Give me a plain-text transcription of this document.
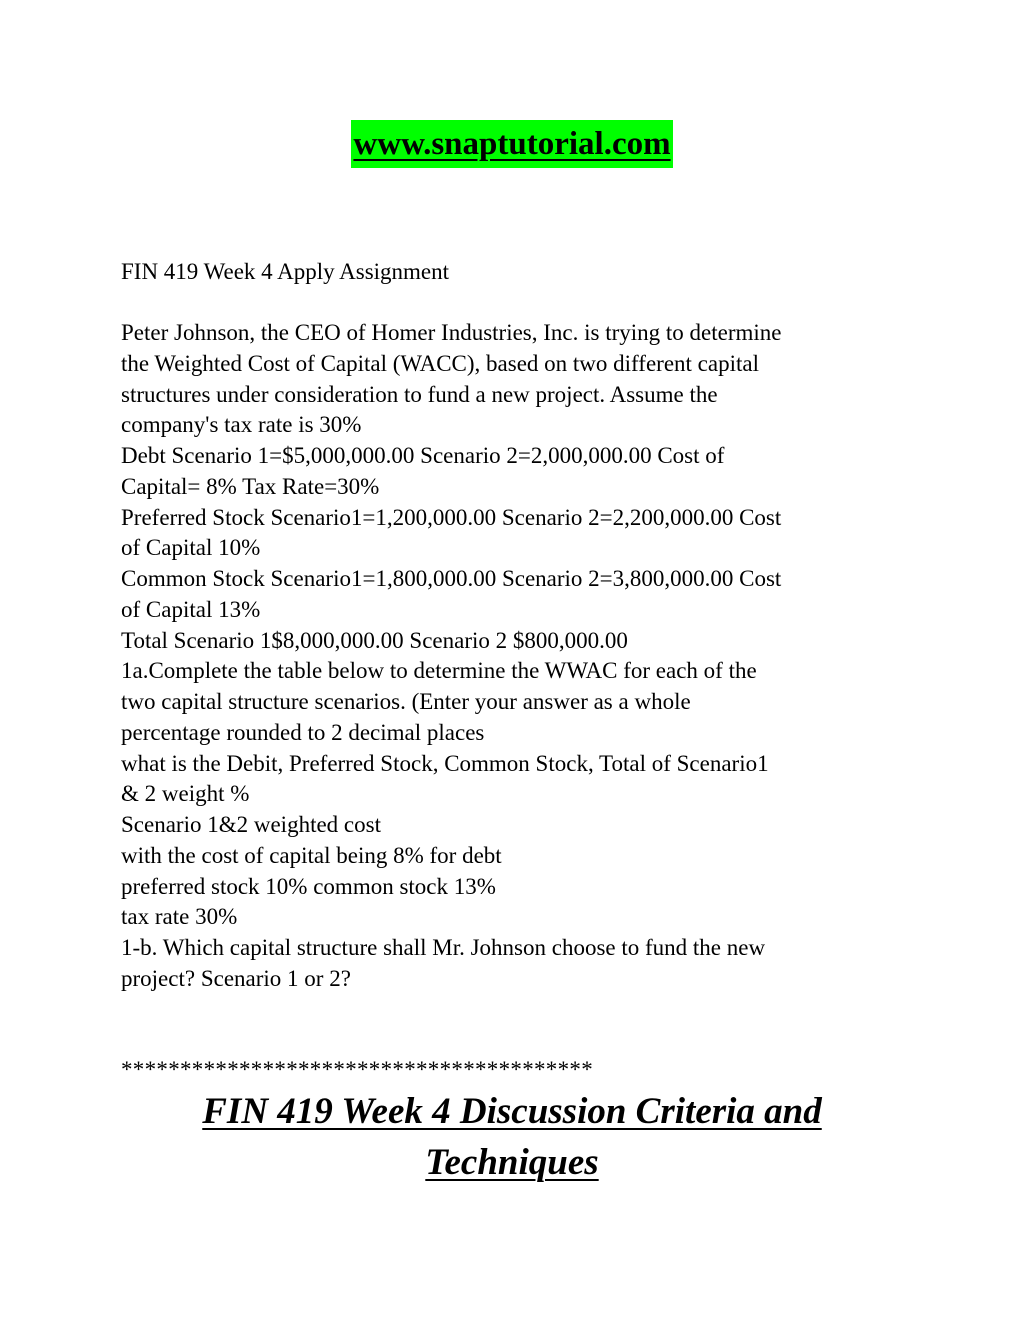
www.snaptutorial.com
FIN 419 Week 4 Apply Assignment
Peter Johnson, the CEO of Homer Industries, Inc. is trying to determine
the Weighted Cost of Capital (WACC), based on two different capital
structures under consideration to fund a new project. Assume the
company's tax rate is 30%
Debt Scenario 1=$5,000,000.00 Scenario 2=2,000,000.00 Cost of
Capital= 8% Tax Rate=30%
Preferred Stock Scenario1=1,200,000.00 Scenario 2=2,200,000.00 Cost
of Capital 10%
Common Stock Scenario1=1,800,000.00 Scenario 2=3,800,000.00 Cost
of Capital 13%
Total Scenario 1$8,000,000.00 Scenario 2 $800,000.00
1a.Complete the table below to determine the WWAC for each of the
two capital structure scenarios. (Enter your answer as a whole
percentage rounded to 2 decimal places
what is the Debit, Preferred Stock, Common Stock, Total of Scenario1
& 2 weight %
Scenario 1&2 weighted cost
with the cost of capital being 8% for debt
preferred stock 10% common stock 13%
tax rate 30%
1-b. Which capital structure shall Mr. Johnson choose to fund the new
project? Scenario 1 or 2?
****************************************
FIN 419 Week 4 Discussion Criteria and
Techniques
